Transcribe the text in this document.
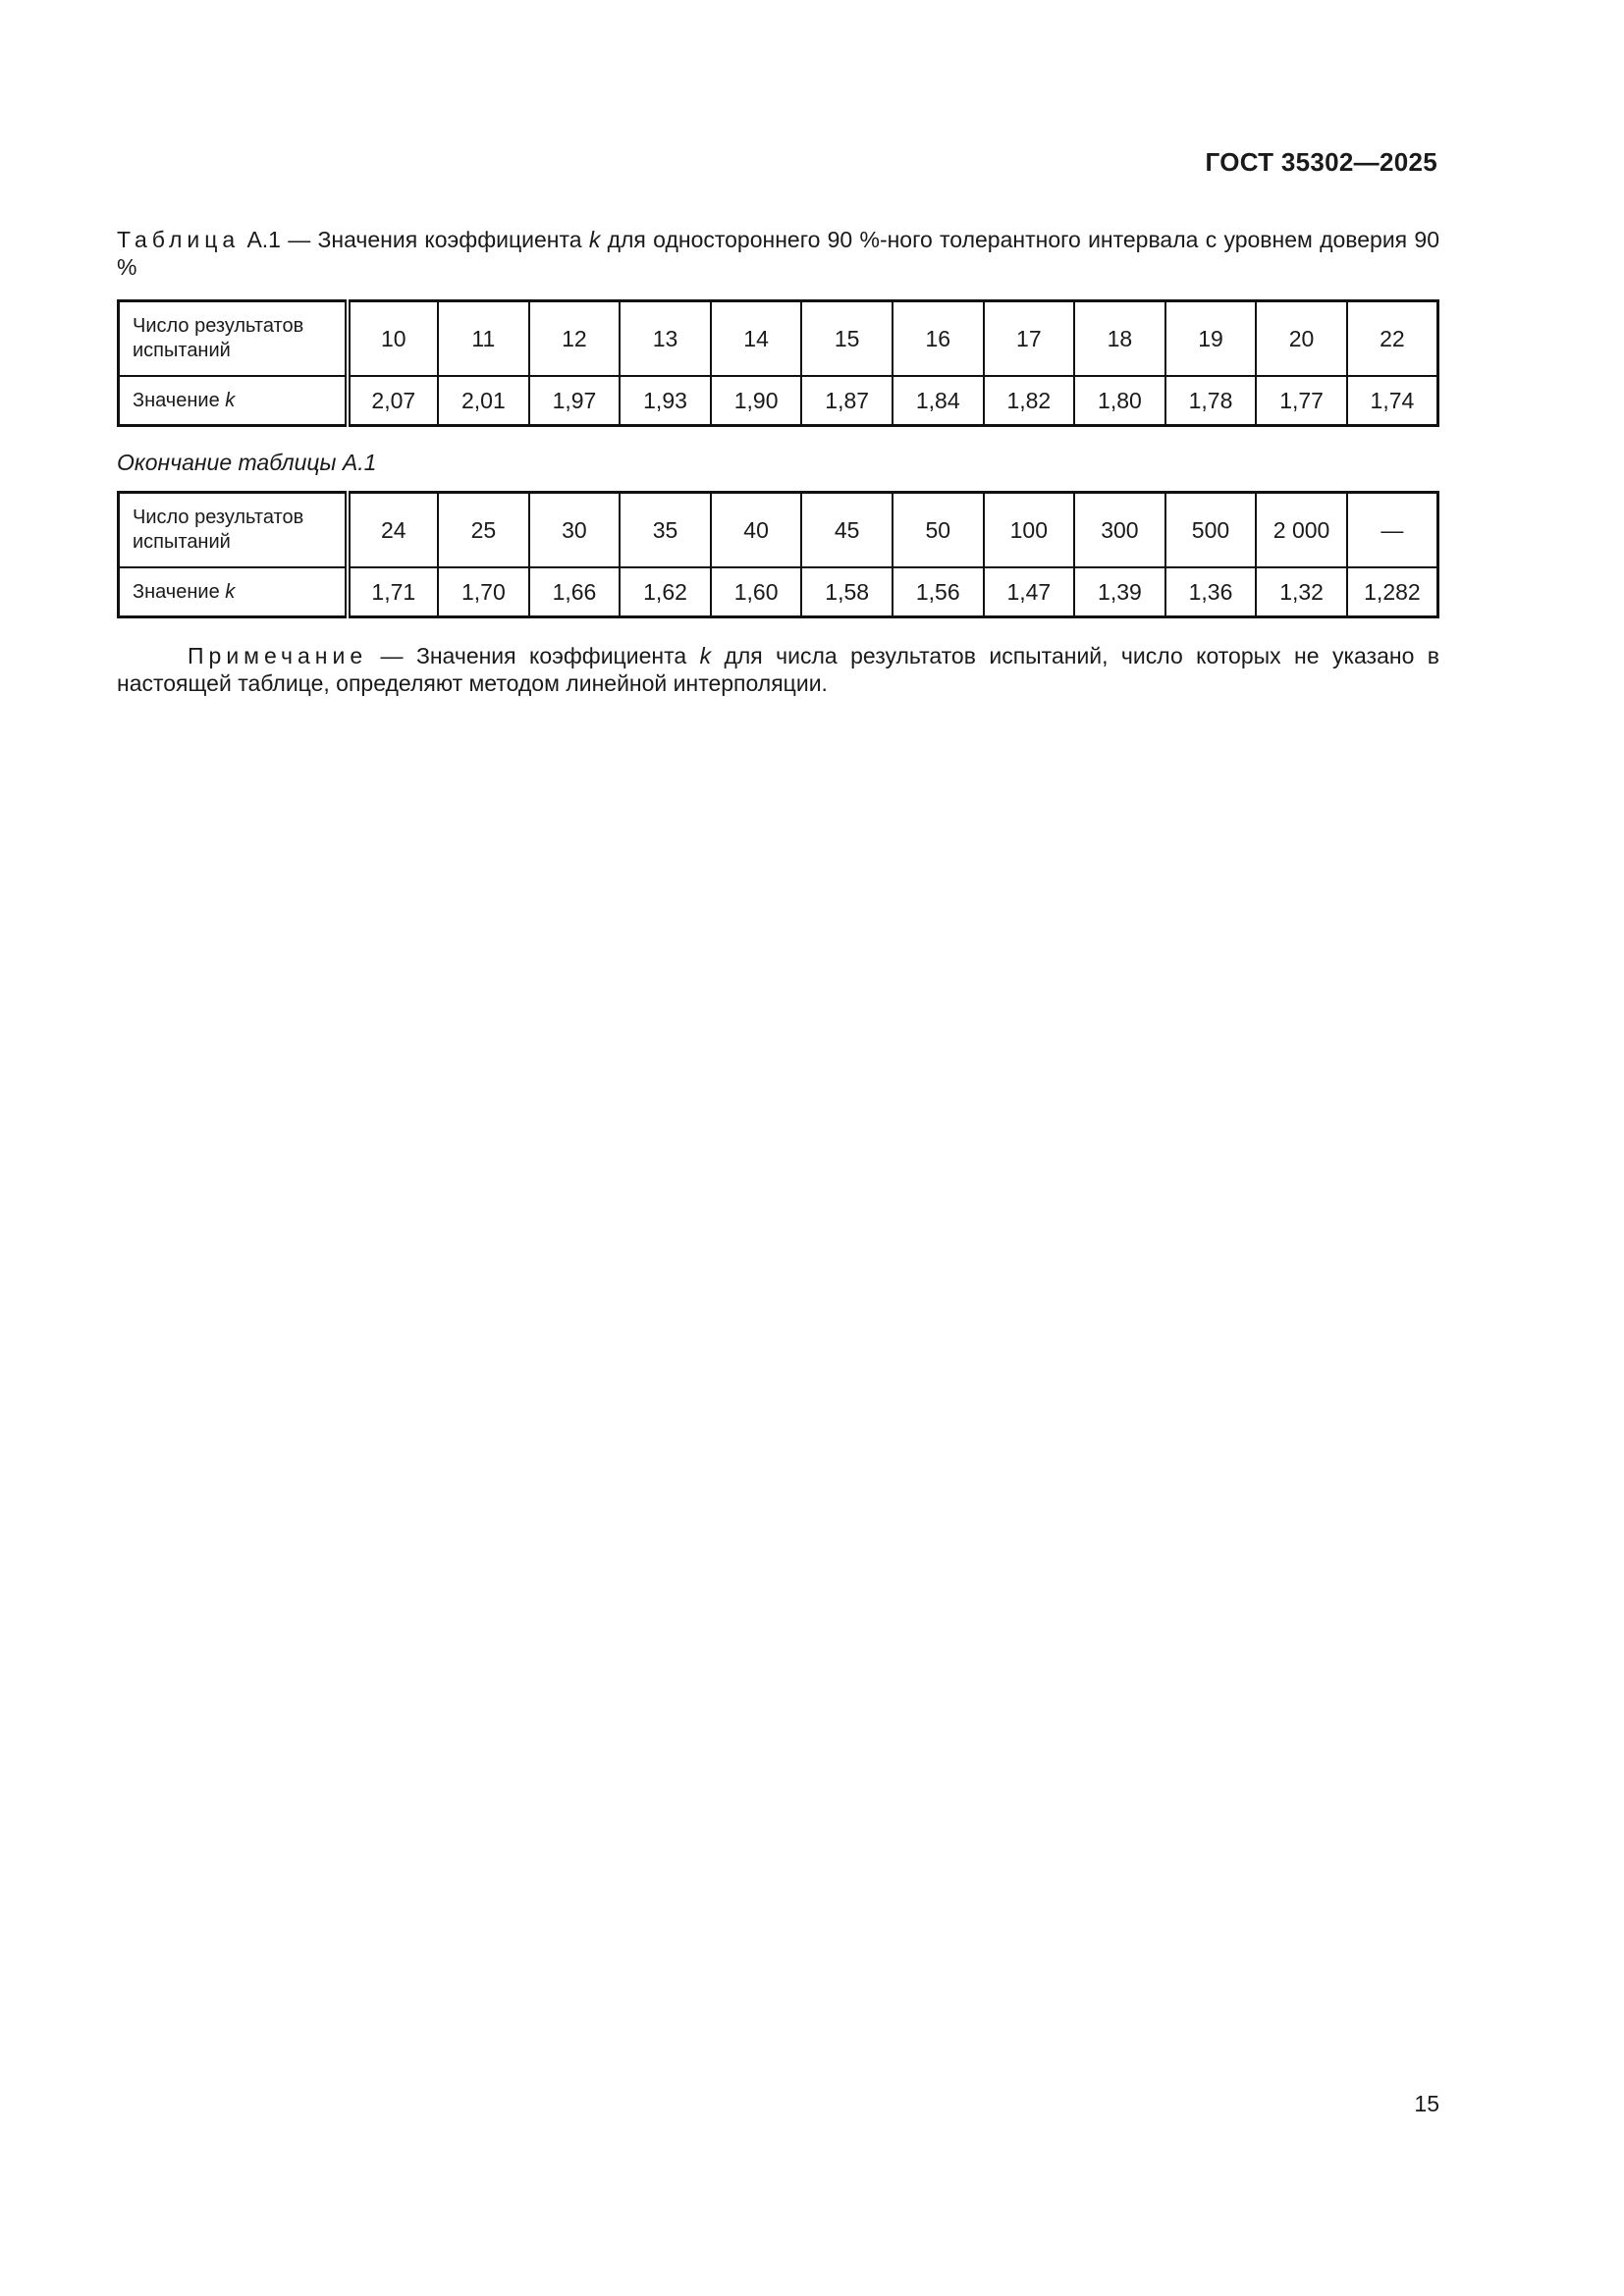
ГОСТ 35302—2025
Таблица А.1 — Значения коэффициента k для одностороннего 90 %-ного толерантного интервала с уровнем доверия 90 %
Число результатов испытаний	10	11	12	13	14	15	16	17	18	19	20	22
Значение k	2,07	2,01	1,97	1,93	1,90	1,87	1,84	1,82	1,80	1,78	1,77	1,74
Окончание таблицы А.1
Число результатов испытаний	24	25	30	35	40	45	50	100	300	500	2 000	—
Значение k	1,71	1,70	1,66	1,62	1,60	1,58	1,56	1,47	1,39	1,36	1,32	1,282
Примечание — Значения коэффициента k для числа результатов испытаний, число которых не указано в настоящей таблице, определяют методом линейной интерполяции.
15
